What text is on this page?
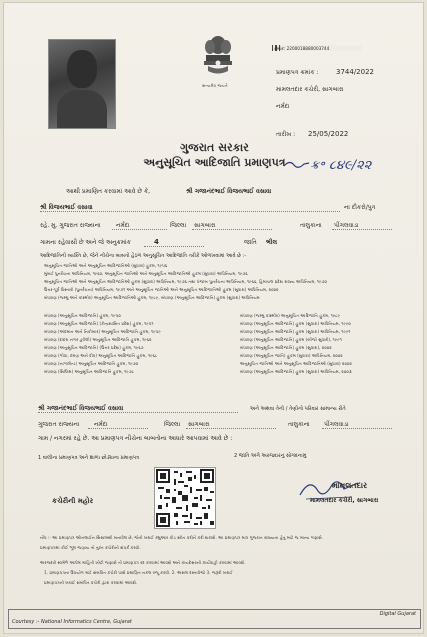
સત્યમેવ જયતે
ક્રમાંક: 2200018880003744
પ્રમાણપત્ર ક્રમાંક :	3744/2022
મામલતદાર કચેરી, સાગબારા
નર્મદા
તારીખ : 25/05/2022
ક્ર॰ ૮૪૯/૨૨
ગુજરાત સરકાર
અનુસૂચિત આદિજાતિ પ્રમાણપત્ર
આથી પ્રમાણિત કરવામાં આવે છે કે,	શ્રી ગજાનંદભાઈ વિજયભાઈ વસાવા
શ્રી વિજયભાઈ વસાવા	ના દીકરો/પુત્ર
રહે. મુ. ગુજરાત રાજ્યના	નર્મદા	જિલ્લા સાગબારા	તાલુકાના પીંગલવાડા
ગામના રહેવાસી છે અને જે અનુક્રમાંક	4	જાતિ ભીલ
આદિજાતિની વ્યક્તિ છે, જેને નીચેના બાબતો હેઠળ અનુસૂચિત આદિજાતિ તરીકે ઓળખવામાં આવે છે :-
અનુસૂચિત જાતિઓ અને અનુસૂચિત આદિજાતિઓ (સુધારા) હુકમ, ૧૯૫૬
મુંબઈ પુનર્રચના અધિનિયમ, ૧૯૬૦, અનુસૂચિત જાતિઓ અને અનુસૂચિત આદિજાતિઓ હુકમ (સુધારા) અધિનિયમ, ૧૯૭૬
અનુસૂચિત જાતિઓ અને અનુસૂચિત આદિજાતિઓ હુકમ (સુધારા) અધિનિયમ, ૧૯૭૬ તથા પંજાબ પુનર્રચના અધિનિયમ, ૧૯૬૬, હિમાચલ પ્રદેશ રાજ્ય અધિનિયમ, ૧૯૭૦
ઉત્તર-પૂર્વ વિસ્તારો (પુનર્રચના) અધિનિયમ, ૧૯૭૧ અને અનુસૂચિત જાતિઓ અને અનુસૂચિત આદિજાતિઓ હુકમ (સુધારા) અધિનિયમ, ૨૦૦૨
બંધારણ (જમ્મુ અને કાશ્મીર) અનુસૂચિત આદિજાતિઓ હુકમ, ૧૯૮૯, બંધારણ (અનુસૂચિત આદિજાતિ) હુકમ (સુધારા) અધિનિયમ
બંધારણ (અનુસૂચિત આદિજાતિ) હુકમ, ૧૯૫૦
બંધારણ (અનુસૂચિત આદિજાતિ) (કેન્દ્રશાસિત પ્રદેશ) હુકમ, ૧૯૫૧
બંધારણ (અંદમાન અને નિકોબાર) અનુસૂચિત આદિજાતિ હુકમ, ૧૯૫૯
બંધારણ (દાદરા નગર હવેલી) અનુસૂચિત આદિજાતિ હુકમ, ૧૯૬૨
બંધારણ (અનુસૂચિત આદિજાતિ) (ઉત્તર પ્રદેશ) હુકમ, ૧૯૬૭
બંધારણ (ગોવા, દમણ અને દીવ) અનુસૂચિત આદિજાતિ હુકમ, ૧૯૬૮
બંધારણ (નાગાલેન્ડ) અનુસૂચિત આદિજાતિ હુકમ, ૧૯૭૦
બંધારણ (સિક્કિમ) અનુસૂચિત આદિજાતિ હુકમ, ૧૯૭૮
બંધારણ (જમ્મુ કાશ્મીર) અનુસૂચિત આદિજાતિ હુકમ, ૧૯૮૯
બંધારણ (અનુસૂચિત આદિજાતિ) હુકમ (સુધારા) અધિનિયમ, ૧૯૯૦
બંધારણ (અનુસૂચિત આદિજાતિ) હુકમ (સુધારા) અધિનિયમ, ૧૯૯૧
બંધારણ (અનુસૂચિત આદિજાતિ) હુકમ (બીજો સુધારો), ૧૯૯૧
બંધારણ (અનુસૂચિત આદિજાતિ) હુકમ (સુધારા), ૨૦૦૨
બંધારણ (અનુસૂચિત જાતિ) હુકમ (સુધારા) અધિનિયમ, ૨૦૦૨
અનુસૂચિત જાતિઓ અને અનુસૂચિત આદિજાતિઓ (સુધારા) ૨૦૦૨
બંધારણ (અનુસૂચિત આદિજાતિ) હુકમ (સુધારા) અધિનિયમ, ૨૦૦૩
શ્રી ગજાનંદભાઈ વિજયભાઈ વસાવા	અને અથવા તેની / તેણીનો પરિવાર સામાન્ય રીતે
ગુજરાત રાજ્યના નર્મદા	જિલ્લા સાગબારા	તાલુકાના પીંગલવાડા
ગામ / નગરમાં રહે છે. આ પ્રમાણપત્ર નીચેના બાબતોના આધારે આપવામાં આવે છે :
1 વાલીના પ્રમાણપત્ર અને શાળા છોડ્યાના પ્રમાણપત્ર	2 જાતિ અંગે અરજદારનું સોગંદનામું
કચેરીની મહોર
મામલતદાર
મામલતદાર કચેરી, સાગબારા
નોંધ :- આ પ્રમાણપત્ર ઓનલાઈન સિસ્ટમથી બનાવેલ છે, જેની ખરાઈ ક્યુઆર કોડ સ્કેન કરીને કરી શકાશે. આ પ્રમાણપત્ર માત્ર ગુજરાત રાજ્યના હેતુ માટે જ માન્ય ગણાશે.
પ્રમાણપત્રમાં કોઈ ભૂલ જણાય તો તુરંત કચેરીનો સંપર્ક કરવો.
અરજદારે સ્વમેળે આપેલ માહિતી ખોટી જણાશે તો પ્રમાણપત્ર રદ કરવામાં આવશે અને કાયદેસરની કાર્યવાહી કરવામાં આવશે.
1. પ્રમાણપત્રના ઉપયોગ માટે સંબંધિત કચેરી પાસે પ્રમાણિત નકલ રજૂ કરવી. 2. અસલ દસ્તાવેજો 3. જરૂરી ખરાઈ
પ્રમાણપત્રની ખરાઈ સંબંધિત કચેરી દ્વારા કરવામાં આવશે.
Courtesy :- National Informatics Centre, Gujarat
Digital Gujarat
